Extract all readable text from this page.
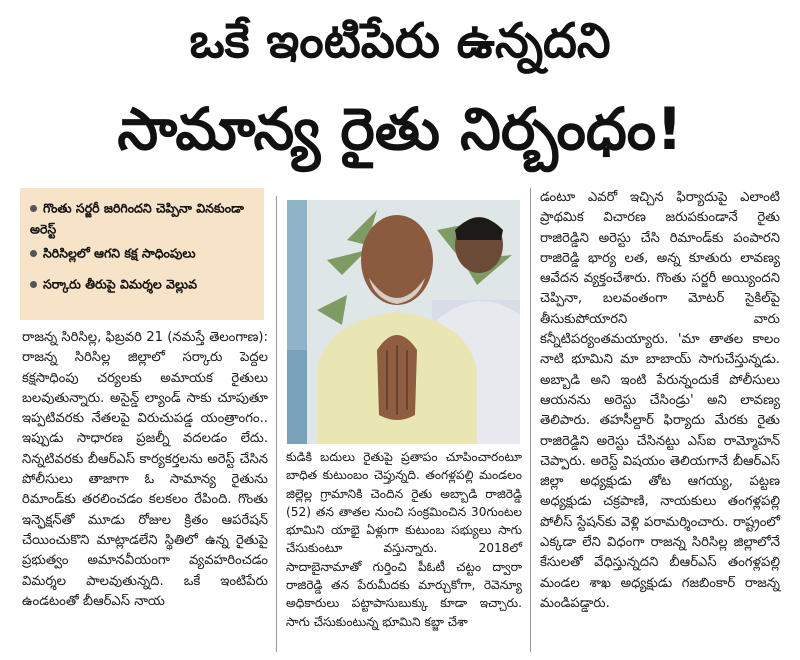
ఒకే ఇంటిపేరు ఉన్నదని
సామాన్య రైతు నిర్బంధం!
గొంతు సర్జరీ జరిగిందని చెప్పినా వినకుండా అరెస్ట్
సిరిసిల్లలో ఆగని కక్ష సాధింపులు
సర్కారు తీరుపై విమర్శల వెల్లువ

రాజన్న సిరిసిల్ల, ఫిబ్రవరి 21 (నమస్తే తెలంగాణ): రాజన్న సిరిసిల్ల జిల్లాలో సర్కారు పెద్దల కక్షసాధింపు చర్యలకు అమాయక రైతులు బలవుతున్నారు. అసైన్డ్ ల్యాండ్ సాకు చూపుతూ ఇప్పటివరకు నేతలపై విరుచుపడ్డ యంత్రాంగం.. ఇప్పుడు సాధారణ ప్రజల్నీ వదలడం లేదు. నిన్నటివరకు బీఆర్ఎస్ కార్యకర్తలను అరెస్ట్ చేసిన పోలీసులు తాజాగా ఓ సామాన్య రైతును రిమాండ్‌కు తరలించడం కలకలం రేపింది. గొంతు ఇన్ఫెక్షన్‌తో మూడు రోజుల క్రితం ఆపరేషన్ చేయించుకొని మాట్లాడలేని స్థితిలో ఉన్న రైతుపై ప్రభుత్వం అమానవీయంగా వ్యవహరించడం విమర్శల పాలవుతున్నది. ఒకే ఇంటిపేరు ఉండటంతో బీఆర్ఎస్ నాయ

కుడికి బదులు రైతుపై ప్రతాపం చూపించారంటూ బాధిత కుటుంబం చెప్తున్నది. తంగళ్లపల్లి మండలం జిల్లెల్ల గ్రామానికి చెందిన రైతు అబ్బాడి రాజిరెడ్డి (52) తన తాతల నుంచి సంక్రమించిన 30గుంటల భూమిని యాభై ఏళ్లుగా కుటుంబ సభ్యులు సాగు చేసుకుంటూ వస్తున్నారు. 2018లో సాదాబైనామాతో గుర్తించి పీఓటీ చట్టం ద్వారా రాజిరెడ్డి తన పేరుమీదకు మార్చుకోగా, రెవెన్యూ అధికారులు పట్టాపాసుబుక్కు కూడా ఇచ్చారు. సాగు చేసుకుంటున్న భూమిని కబ్జా చేశా

డంటూ ఎవరో ఇచ్చిన ఫిర్యాదుపై ఎలాంటి ప్రాథమిక విచారణ జరుపకుండానే రైతు రాజిరెడ్డిని అరెస్టు చేసి రిమాండ్‌కు పంపారని రాజిరెడ్డి భార్య లత, అన్న కూతురు లావణ్య ఆవేదన వ్యక్తంచేశారు. గొంతు సర్జరీ అయ్యిందని చెప్పినా, బలవంతంగా మోటర్ సైకిల్‌పై తీసుకుపోయారని వారు కన్నీటిపర్యంతమయ్యారు. 'మా తాతల కాలం నాటి భూమిని మా బాబాయ్ సాగుచేస్తున్నడు. అబ్బాడి అని ఇంటి పేరున్నందుకే పోలీసులు ఆయనను అరెస్టు చేసిండ్రు' అని లావణ్య తెలిపారు. తహసీల్దార్ ఫిర్యాదు మేరకు రైతు రాజిరెడ్డిని అరెస్టు చేసినట్టు ఎస్ఐ రామ్మోహన్ చెప్పారు. అరెస్ట్ విషయం తెలియగానే బీఆర్ఎస్ జిల్లా అధ్యక్షుడు తోట ఆగయ్య, పట్టణ అధ్యక్షుడు చక్రపాణి, నాయకులు తంగళ్లపల్లి పోలీస్ స్టేషన్‌కు వెళ్లి పరామర్శించారు. రాష్ట్రంలో ఎక్కడా లేని విధంగా రాజన్న సిరిసిల్ల జిల్లాలోనే కేసులతో వేధిస్తున్నదని బీఆర్ఎస్ తంగళ్లపల్లి మండల శాఖ అధ్యక్షుడు గజబింకార్ రాజన్న మండిపడ్డారు.
